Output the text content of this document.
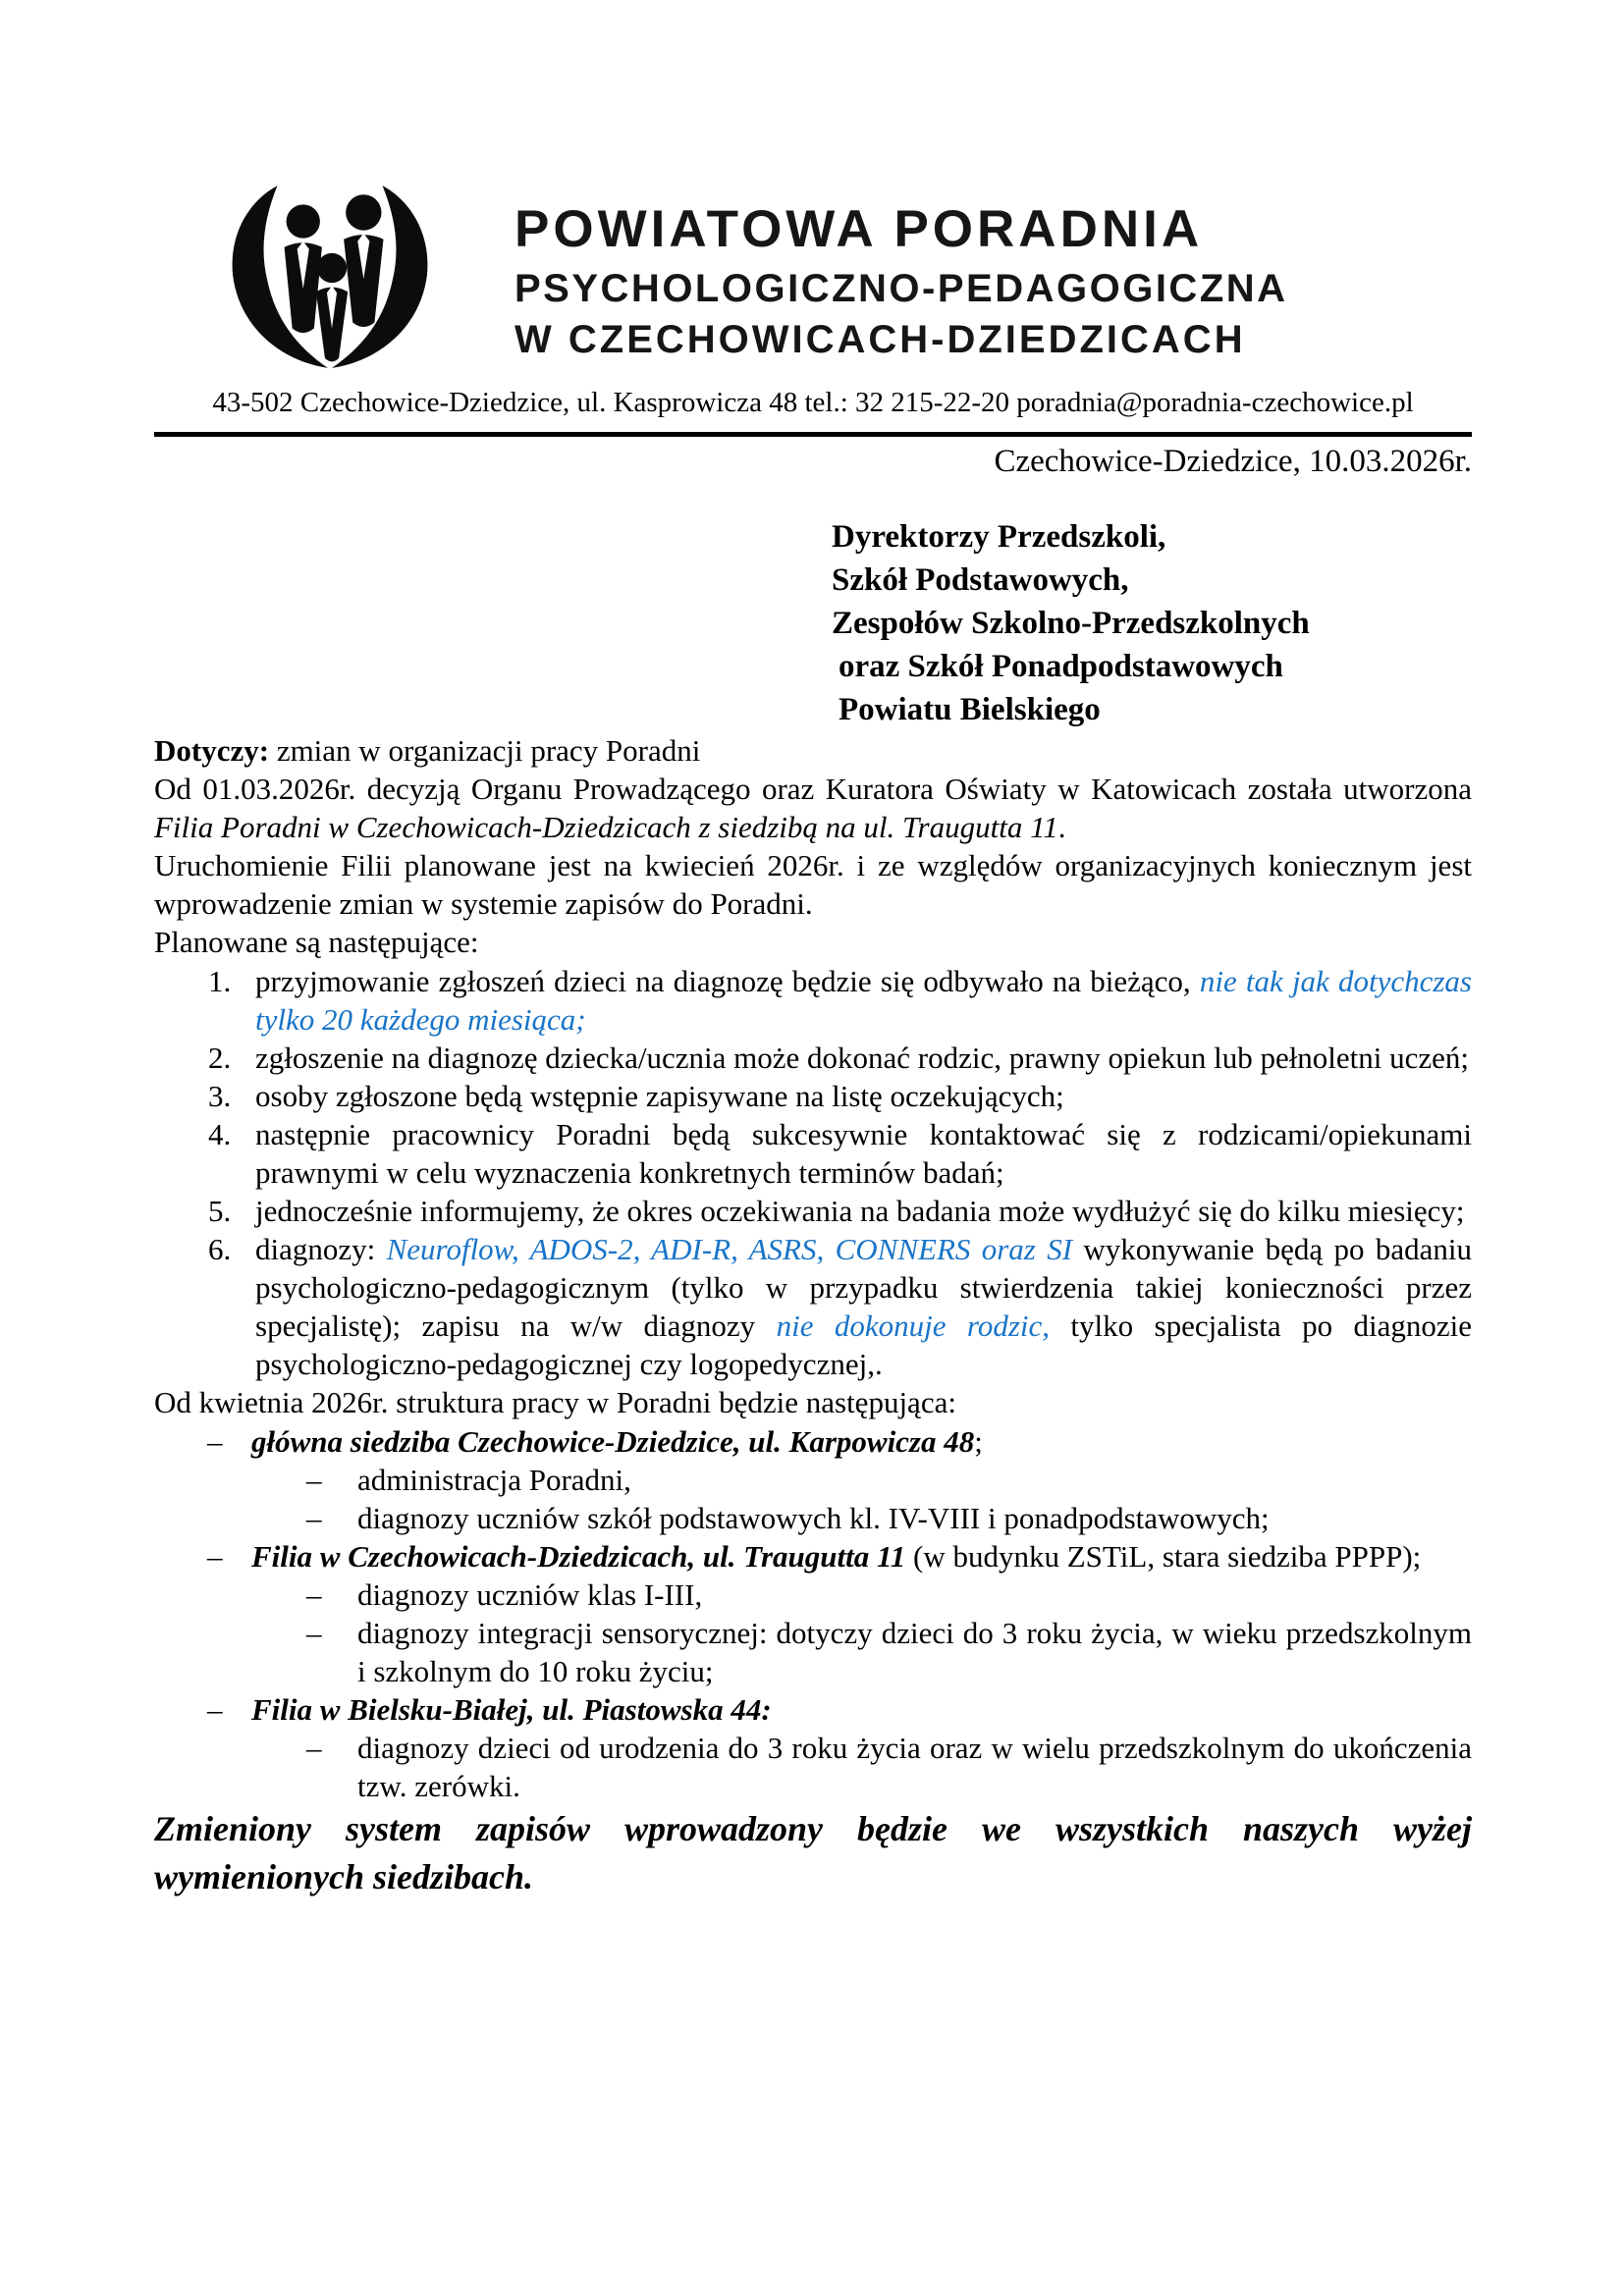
POWIATOWA PORADNIA
PSYCHOLOGICZNO-PEDAGOGICZNA
W CZECHOWICACH-DZIEDZICACH
43-502 Czechowice-Dziedzice, ul. Kasprowicza 48 tel.: 32 215-22-20 poradnia@poradnia-czechowice.pl
Czechowice-Dziedzice, 10.03.2026r.
Dyrektorzy Przedszkoli,
Szkół Podstawowych,
Zespołów Szkolno-Przedszkolnych
oraz Szkół Ponadpodstawowych
Powiatu Bielskiego

Dotyczy: zmian w organizacji pracy Poradni

Od 01.03.2026r. decyzją Organu Prowadzącego oraz Kuratora Oświaty w Katowicach została utworzona Filia Poradni w Czechowicach-Dziedzicach z siedzibą na ul. Traugutta 11.

Uruchomienie Filii planowane jest na kwiecień 2026r. i ze względów organizacyjnych koniecznym jest wprowadzenie zmian w systemie zapisów do Poradni.

Planowane są następujące:

przyjmowanie zgłoszeń dzieci na diagnozę będzie się odbywało na bieżąco, nie tak jak dotychczas tylko 20 każdego miesiąca;
zgłoszenie na diagnozę dziecka/ucznia może dokonać rodzic, prawny opiekun lub pełnoletni uczeń;
osoby zgłoszone będą wstępnie zapisywane na listę oczekujących;
następnie pracownicy Poradni będą sukcesywnie kontaktować się z rodzicami/opiekunami prawnymi w celu wyznaczenia konkretnych terminów badań;
jednocześnie informujemy, że okres oczekiwania na badania może wydłużyć się do kilku miesięcy;
diagnozy: Neuroflow, ADOS-2, ADI-R, ASRS, CONNERS oraz SI wykonywanie będą po badaniu psychologiczno-pedagogicznym (tylko w przypadku stwierdzenia takiej konieczności przez specjalistę); zapisu na w/w diagnozy nie dokonuje rodzic, tylko specjalista po diagnozie psychologiczno-pedagogicznej czy logopedycznej,.

Od kwietnia 2026r. struktura pracy w Poradni będzie następująca:

– główna siedziba Czechowice-Dziedzice, ul. Karpowicza 48;
– administracja Poradni,
– diagnozy uczniów szkół podstawowych kl. IV-VIII i ponadpodstawowych;
– Filia w Czechowicach-Dziedzicach, ul. Traugutta 11 (w budynku ZSTiL, stara siedziba PPPP);
– diagnozy uczniów klas I-III,
– diagnozy integracji sensorycznej: dotyczy dzieci do 3 roku życia, w wieku przedszkolnym i szkolnym do 10 roku życiu;
– Filia w Bielsku-Białej, ul. Piastowska 44:
– diagnozy dzieci od urodzenia do 3 roku życia oraz w wielu przedszkolnym do ukończenia tzw. zerówki.

Zmieniony system zapisów wprowadzony będzie we wszystkich naszych wyżej wymienionych siedzibach.
